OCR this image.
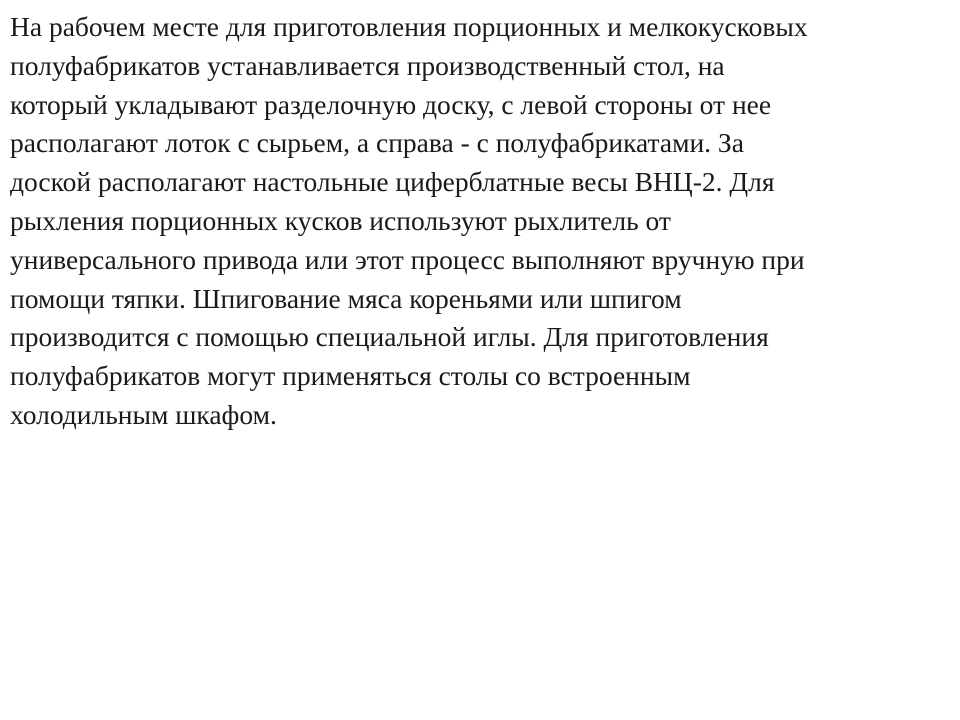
На рабочем месте для приготовления порционных и мелкокусковых
полуфабрикатов устанавливается производственный стол, на
который укладывают разделочную доску, с левой стороны от нее
располагают лоток с сырьем, а справа - с полуфабрикатами. За
доской располагают настольные циферблатные весы ВНЦ-2. Для
рыхления порционных кусков используют рыхлитель от
универсального привода или этот процесс выполняют вручную при
помощи тяпки. Шпигование мяса кореньями или шпигом
производится с помощью специальной иглы. Для приготовления
полуфабрикатов могут применяться столы со встроенным
холодильным шкафом.
